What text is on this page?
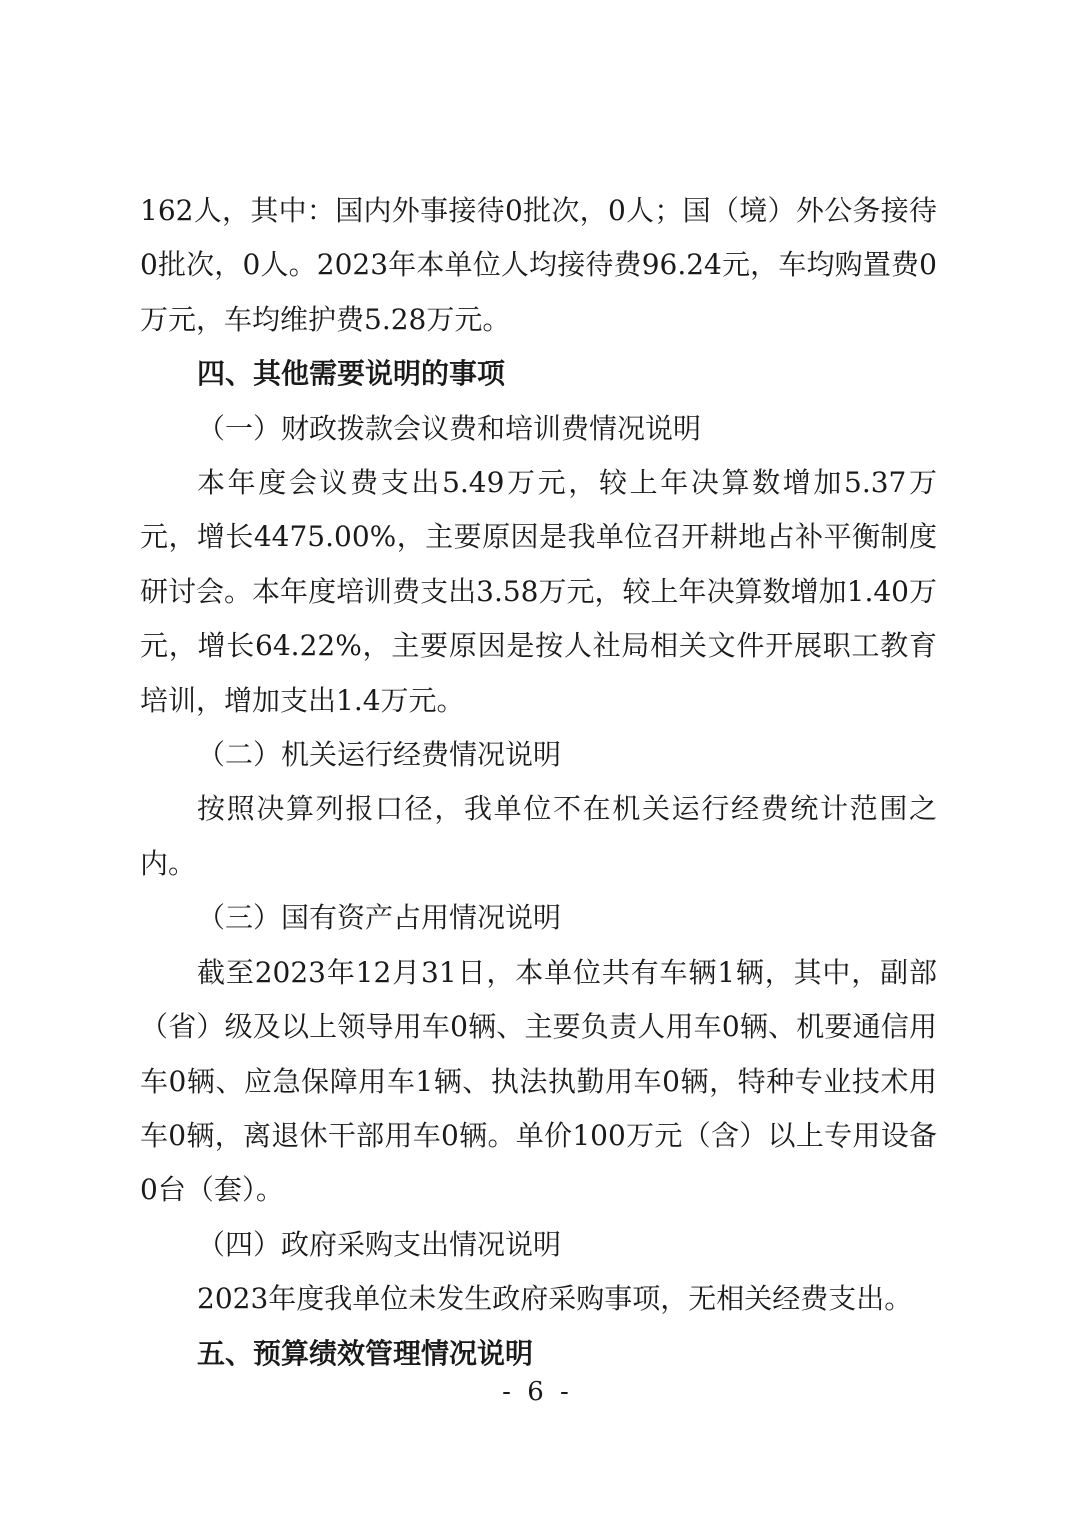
162人，其中：国内外事接待0批次，0人；国（境）外公务接待0批次，0人。2023年本单位人均接待费96.24元，车均购置费0万元，车均维护费5.28万元。

四、其他需要说明的事项

（一）财政拨款会议费和培训费情况说明

本年度会议费支出5.49万元，较上年决算数增加5.37万元，增长4475.00%，主要原因是我单位召开耕地占补平衡制度研讨会。本年度培训费支出3.58万元，较上年决算数增加1.40万元，增长64.22%，主要原因是按人社局相关文件开展职工教育培训，增加支出1.4万元。

（二）机关运行经费情况说明

按照决算列报口径，我单位不在机关运行经费统计范围之内。

（三）国有资产占用情况说明

截至2023年12月31日，本单位共有车辆1辆，其中，副部（省）级及以上领导用车0辆、主要负责人用车0辆、机要通信用车0辆、应急保障用车1辆、执法执勤用车0辆，特种专业技术用车0辆，离退休干部用车0辆。单价100万元（含）以上专用设备0台（套）。

（四）政府采购支出情况说明

2023年度我单位未发生政府采购事项，无相关经费支出。

五、预算绩效管理情况说明

- 6 -
